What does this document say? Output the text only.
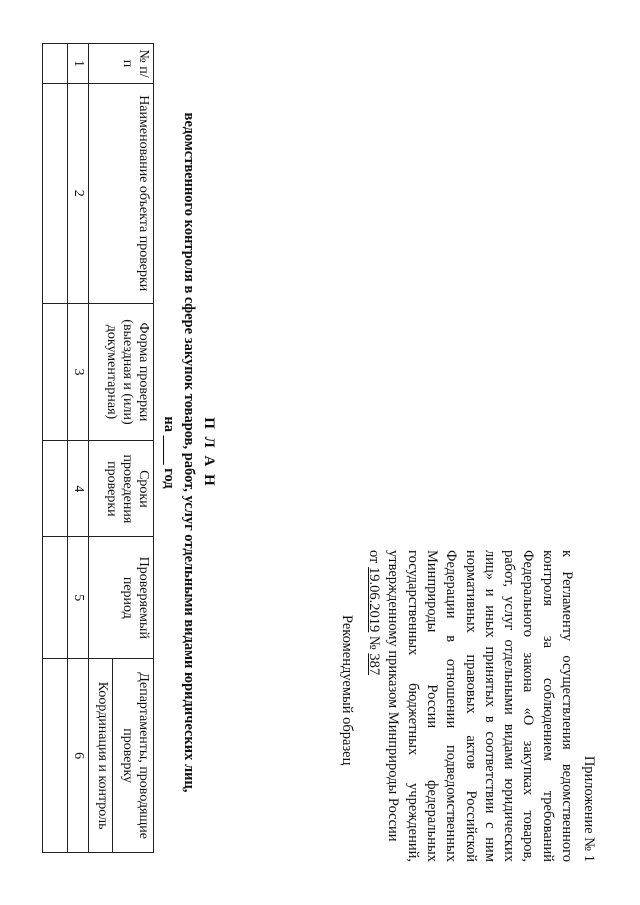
Приложение № 1

к Регламенту осуществления ведомственного

контроля за соблюдением требований

Федерального закона «О закупках товаров,

работ, услуг отдельными видами юридических

лиц» и иных принятых в соответствии с ним

нормативных правовых актов Российской

Федерации в отношении подведомственных

Минприроды России федеральных

государственных бюджетных учреждений,

утвержденному приказом Минприроды России

от 19.06.2019 № 387

Рекомендуемый образец
П Л А Н
ведомственного контроля в сфере закупок товаров, работ, услуг отдельными видами юридических лиц,
на ____ год
№ п/п	Наименование объекта проверки	Форма проверки (выездная и (или) документарная)	Сроки проведения проверки	Проверяемый период	Департаменты, проводящие проверку
					Координация и контроль
1	2	3	4	5	6
